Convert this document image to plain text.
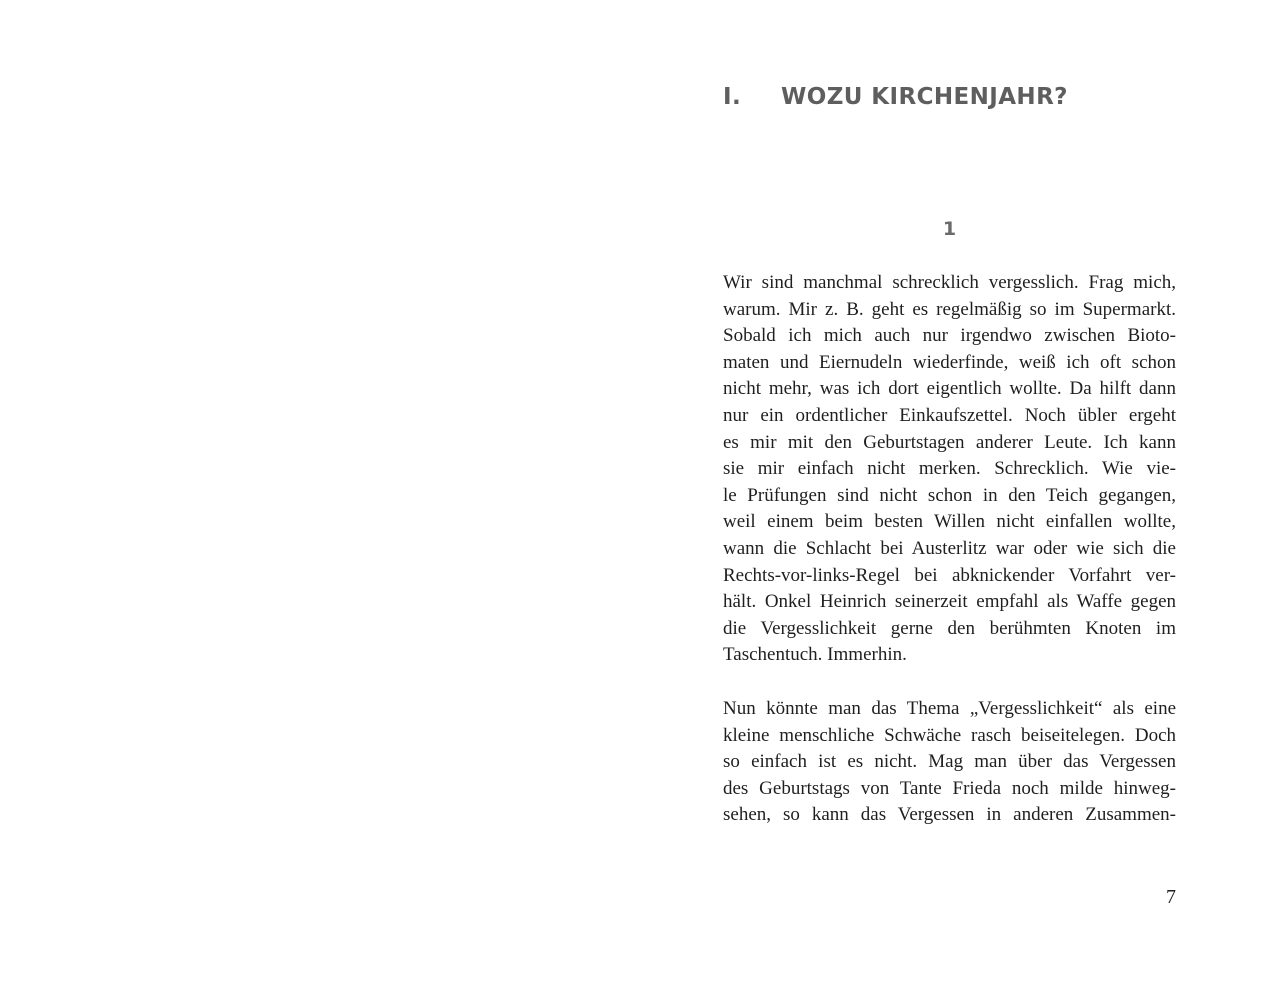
I. WOZU KIRCHENJAHR?
1
Wir sind manchmal schrecklich vergesslich. Frag mich,
warum. Mir z. B. geht es regelmäßig so im Supermarkt.
Sobald ich mich auch nur irgendwo zwischen Bioto-
maten und Eiernudeln wiederfinde, weiß ich oft schon
nicht mehr, was ich dort eigentlich wollte. Da hilft dann
nur ein ordentlicher Einkaufszettel. Noch übler ergeht
es mir mit den Geburtstagen anderer Leute. Ich kann
sie mir einfach nicht merken. Schrecklich. Wie vie-
le Prüfungen sind nicht schon in den Teich gegangen,
weil einem beim besten Willen nicht einfallen wollte,
wann die Schlacht bei Austerlitz war oder wie sich die
Rechts-vor-links-Regel bei abknickender Vorfahrt ver-
hält. Onkel Heinrich seinerzeit empfahl als Waffe gegen
die Vergesslichkeit gerne den berühmten Knoten im
Taschentuch. Immerhin.
Nun könnte man das Thema „Vergesslichkeit“ als eine
kleine menschliche Schwäche rasch beiseitelegen. Doch
so einfach ist es nicht. Mag man über das Vergessen
des Geburtstags von Tante Frieda noch milde hinweg-
sehen, so kann das Vergessen in anderen Zusammen-
7
